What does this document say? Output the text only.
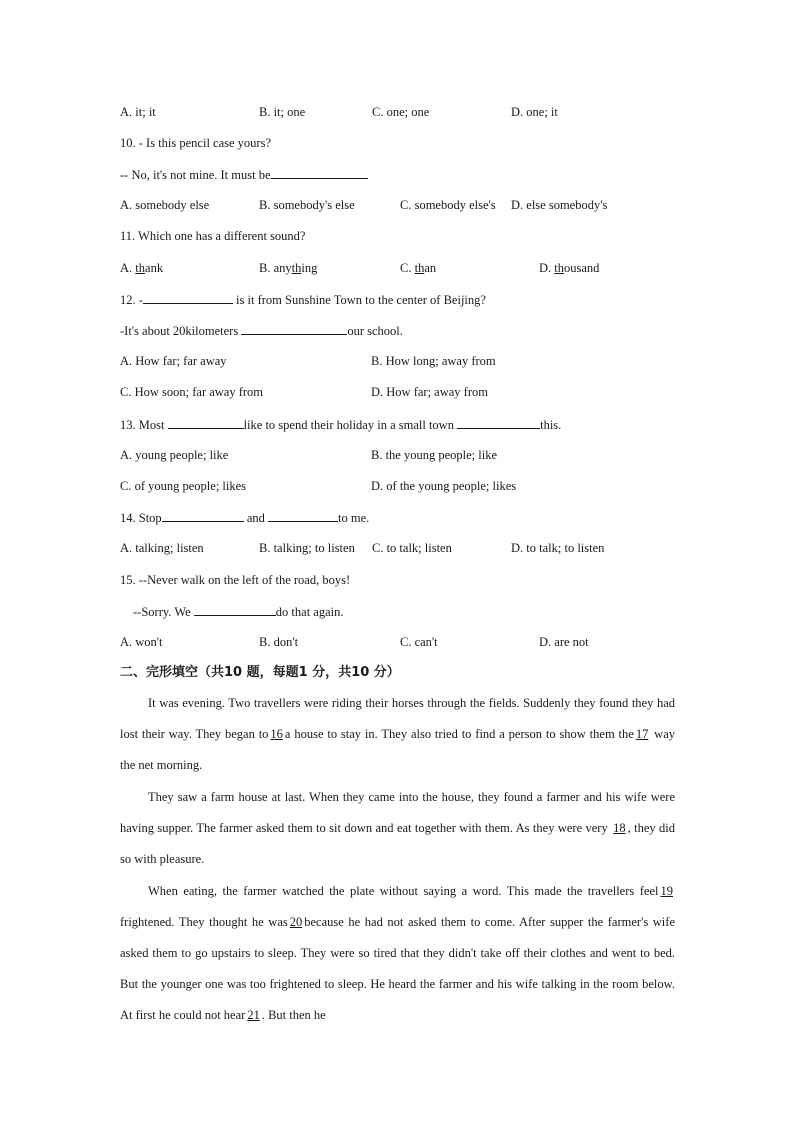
A. it; it	B. it; one	C. one; one	D. one; it
10. - Is this pencil case yours?
-- No, it's not mine. It must be
A. somebody else	B. somebody's else	C. somebody else's D. else somebody's
11. Which one has a different sound?
A. thank	B. anything	C. than	D. thousand
12. -	is it from Sunshine Town to the center of Beijing?
-It's about 20kilometers	our school.
A. How far; far away	B. How long; away from
C. How soon; far away from	D. How far; away from
13. Most	like to spend their holiday in a small town	this.
A. young people; like	B. the young people; like
C. of young people; likes	D. of the young people; likes
14. Stop	and	to me.
A. talking; listen	B. talking; to listen C. to talk; listen	D. to talk; to listen
15. --Never walk on the left of the road, boys!
--Sorry. We	do that again.
A. won't	B. don't	C. can't	D. are not
二、完形填空（共10 题，每题1 分，共10 分）
It was evening. Two travellers were riding their horses through the fields. Suddenly they found they had lost their way. They began to 16 a house to stay in. They also tried to find a person to show them the 17 way the net morning.
They saw a farm house at last. When they came into the house, they found a farmer and his wife were having supper. The farmer asked them to sit down and eat together with them. As they were very 18 , they did so with pleasure.
When eating, the farmer watched the plate without saying a word. This made the travellers feel 19 frightened. They thought he was 20 because he had not asked them to come. After supper the farmer's wife asked them to go upstairs to sleep. They were so tired that they didn't take off their clothes and went to bed. But the younger one was too frightened to sleep. He heard the farmer and his wife talking in the room below. At first he could not hear 21 . But then he
